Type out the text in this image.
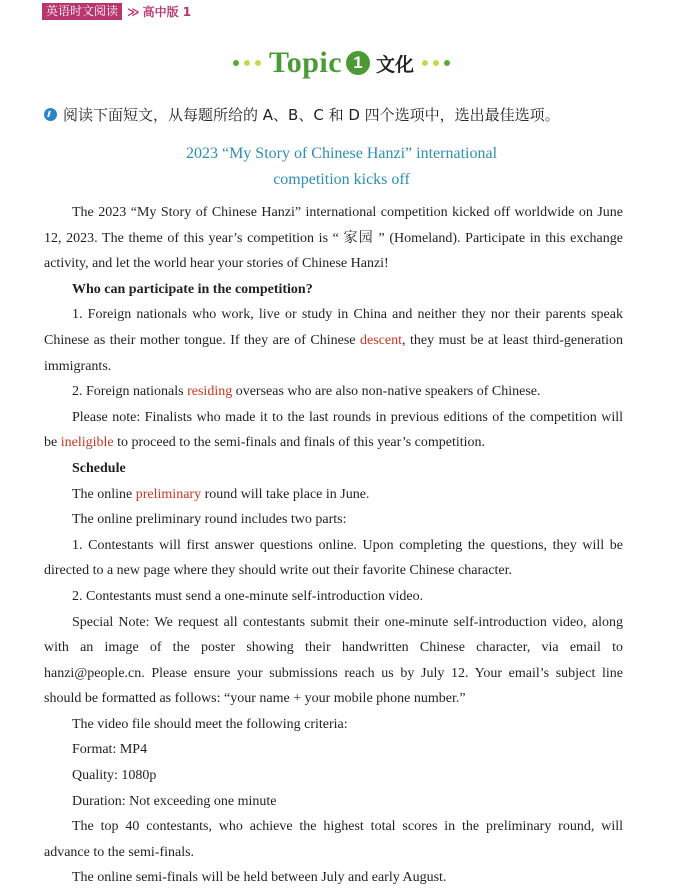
英语时文阅读 ≫ 高中版 1
Topic 1 文化
阅读下面短文，从每题所给的 A、B、C 和 D 四个选项中，选出最佳选项。
2023 “My Story of Chinese Hanzi” international
competition kicks off

The 2023 “My Story of Chinese Hanzi” international competition kicked off worldwide on June 12, 2023. The theme of this year’s competition is “ 家园 ” (Homeland). Participate in this exchange activity, and let the world hear your stories of Chinese Hanzi!

Who can participate in the competition?

1. Foreign nationals who work, live or study in China and neither they nor their parents speak Chinese as their mother tongue. If they are of Chinese descent, they must be at least third-generation immigrants.

2. Foreign nationals residing overseas who are also non-native speakers of Chinese.

Please note: Finalists who made it to the last rounds in previous editions of the competition will be ineligible to proceed to the semi-finals and finals of this year’s competition.

Schedule

The online preliminary round will take place in June.

The online preliminary round includes two parts:

1. Contestants will first answer questions online. Upon completing the questions, they will be directed to a new page where they should write out their favorite Chinese character.

2. Contestants must send a one-minute self-introduction video.

Special Note: We request all contestants submit their one-minute self-introduction video, along with an image of the poster showing their handwritten Chinese character, via email to hanzi@people.cn. Please ensure your submissions reach us by July 12. Your email’s subject line should be formatted as follows: “your name + your mobile phone number.”

The video file should meet the following criteria:

Format: MP4

Quality: 1080p

Duration: Not exceeding one minute

The top 40 contestants, who achieve the highest total scores in the preliminary round, will advance to the semi-finals.

The online semi-finals will be held between July and early August.
